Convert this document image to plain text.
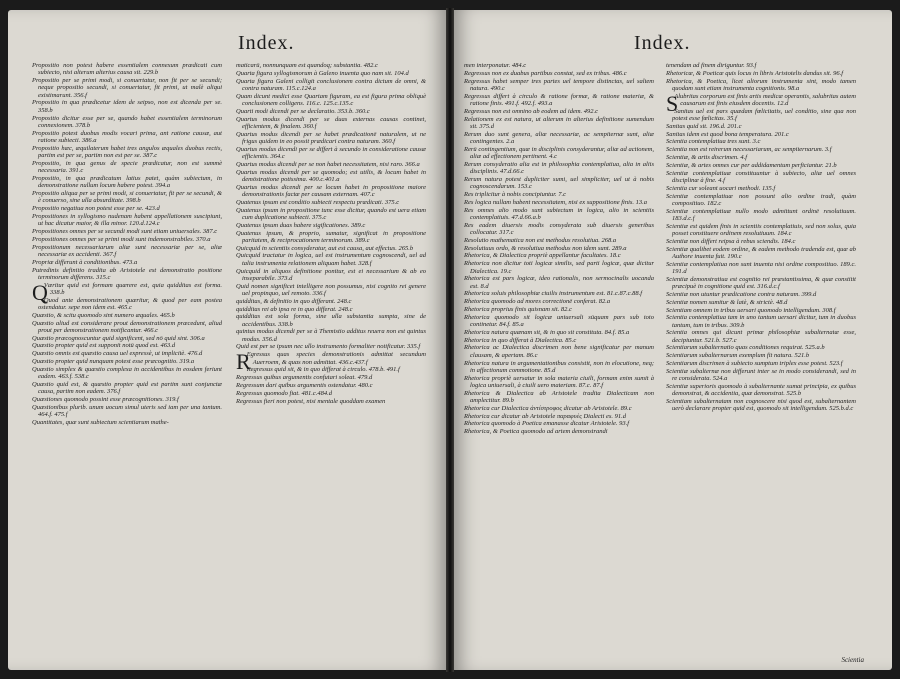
Index.

Propositio non potest habere essentialem connexum prædicati cum subiecto, nisi alterum alterius causa sit. 229.b

Propositio per se primi modi, si conuertatur, non fit per se secundi; neque propositio secundi, si conuertatur, fit primi, ut malè aliqui existimarunt. 356.f

Propositio in qua prædicetur idem de seipso, non est dicenda per se. 358.b

Propositio dicitur esse per se, quando habet essentialem terminorum connexionem. 378.b

Propositio potest duobus modis vocari prima, ant ratione causæ, aut ratione subiecti. 386.a

Propositio hæc, æquilaterum habet tres angulos æquales duobus rectis, partim est per se, partim non est per se. 387.c

Propositio, in qua genus de specie prædicatur, non est summè necessaria. 391.c

Propositio, in qua prædicatum latius patet, quàm subiectum, in demonstratione nullum locum habere potest. 394.a

Propositio aliqua per se primi modi, si conuertatur, fit per se secundi, & è conuerso, sine ulla absurditate. 398.b

Propositio negatiua non potest esse per se. 423.d

Propositiones in syllogismo nudenam habent appellationem suscipiunt, ut hac dicatur maior, & illa minor. 120.d.124.c

Propositiones omnes per se secundi modi sunt etiam uniuersales. 387.c

Propositiones omnes per se primi modi sunt indemonstrabiles. 370.a

Propositionum necessariarum aliæ sunt necessariæ per se, aliæ necessariæ ex accidenti. 367.f

Propriæ differunt à conditionibus. 473.a

Putredinis definitio tradita ab Aristotele est demonstratio positione terminorum differens. 315.c

Q
Væritur quid est formam quærere est, quia quidditas est forma. 338.b

Quod ante demonstrationem quæritur, & quod per eam postea ostendatur. sepe non idem est. 465.c

Quæstio, & scitu quomodo sint numero æquales. 465.b

Quæstio aliud est considerare prout demonstrationem præcedunt, aliud prout per demonstrationem notificantur. 466.c

Quæstio præcognoscuntur quid significent, sed nō quid sint. 306.a

Quæstio propter quid est supponit notū quod est. 463.d

Quæstio omnis est quæstio causa uel expressè, ut implicitè. 476.d

Quæstio propter quid nunquam potest esse præcognitio. 319.a

Quæstio simplex & quæstio complexa in accidentibus in eosdem feriunt eadem. 463.f. 538.c

Quæstio quid est, & quæstio propter quid est partim sunt conjunctæ causa, partim non eadem. 376.f

Quæstiones quomodo possint esse præcognitiones. 319.f

Quæstionibus plurib. unum uocum simul uteris sed iam per una tantum. 464.f. 475.f

Quantitates, quæ sunt subiectum scientiarum mathe-

maticarū, nonnunquam est quandoq; substantia. 482.c

Quarta figura syllogismorum à Galeno inuenta quo nam sit. 104.d

Quarta figura Galeni colligit conclusionem contra dictum de omni, & contra naturam. 115.c.124.a

Quam dicunt medici esse Quartam figuram, ea est figura prima obliquè conclusionem colligens. 116.c. 125.c.135.c

Quarti modi dicendi per se declaratio. 353.b. 360.c

Quartus modus dicendi per se duas externas causas continet, efficientem, & finalem. 360.f

Quartus modus dicendi per se habet prædicationē naturalem, ut ne frigus quidem in eo possit prædicari contra naturam. 360.f

Quartus modus dicendi per se differt à secundo in consideratione causæ efficientis. 364.c

Quartus modus dicendi per se non habet necessitatem, nisi raro. 366.a

Quartus modus dicendi per se quomodo; est utilis, & locum habet in demōstratione potissima. 400.c.401.a

Quartus modus dicendi per se locum habet in propositione maiore demonstrationis factæ per causam externam. 407.c

Quatenus ipsum est conditio subiecti respectu prædicati. 375.c

Quatenus ipsum in propositione tunc esse dicitur, quando est uera etiam cum duplicatione subiecti. 375.c

Quatenus ipsum duas habere sigificationes. 389.c

Quatenus ipsum, & proprio, sumatur, significat in propositione paritatem, & reciprocationem terminorum. 389.c

Quicquid in scientiis consyderatur, aut est causa, aut effectus. 265.b

Quicquid tractatur in logica, uel est instrumentum cognoscendi, uel ad talia instrumenta relationem aliquam habet. 328.f

Quicquid in aliquos definitione ponitur, est ei necessarium & ab eo inseparabile. 373.d

Quid nomen significet intelligere non possumus, nisi cognito rei genere uel propinquo, uel remoto. 336.f

quidditas, & definitio in quo differant. 248.c

quidditas rei ab ipsa re in quo differat. 248.c

quidditas est sola forma, sine ulla substantia sumpta, sine de accidentibus. 338.b

quintus modus dicendi per se à Themistio additus reuera non est quintus modus. 356.d

Quid est per se ipsum nec ullo instrumento formaliter notificatur. 335.f

R
Egressus quas species demonstrationis admittat secundum Auerroem, & quas non admittat. 436.c.437.f

Regressus quid sit, & in quo differat à circulo. 478.b. 491.f

Regressus quibus argumentis confutari soleat. 479.d

Regressum dari quibus argumentis ostendatur. 480.c

Regressus quomodo fiat. 481.c.484.d

Regressus fieri non potest, nisi mentale quoddam examen

Index.

men interponatur. 484.c

Regressus non ex duabus partibus constat, sed ex tribus. 486.c

Regressus habet semper tres partes uel tempore distinctas, uel saltem natura. 490.c

Regressus differt à circulo & ratione formæ, & ratione materiæ, & ratione finis. 491.f. 492.f. 493.a

Regressus non est omnino ab eodem ad idem. 492.c

Relationem ex est natura, ut alterum in alterius definitione sumendum sit. 375.d

Rerum duo sunt genera, aliæ necessariæ, ac sempiternæ sunt, aliæ contingentes. 2.a

Rerū contingentium, quæ in disciplinis consyderantur, aliæ ad actionem, aliæ ad effectionem pertinent. 4.c

Rerum consyderatio alia est in philosophia contemplatiua, alia in aliis disciplinis. 47.d.66.c

Rerum natura potest dupliciter sumi, uel simpliciter, uel ut à nobis cognoscendarum. 153.c

Res triplicitur à nobis concipiuntur. 7.c

Res logica nullam habent necessitatem, nisi ex suppositione finis. 13.a

Res omnes alio modo sunt subiectum in logica, alio in scientiis contemplatiuis. 47.d.66.a.b

Res eadem diuersis modis consyderata sub diuersis generibus collocatur. 317.c

Resolutio mathematica non est methodus resolutiua. 268.a

Resolutiuus ordo, & resolutiua methodus non idem sunt. 289.a

Rhetorica, & Dialectica propriè appellantur facultates. 18.c

Rhetorica non dicitur toti logicæ similis, sed parti logicæ, quæ dicitur Dialectica. 19.c

Rhetorica est pars logicæ, ideo rationalis, non sermocinalis uocanda est. 8.d

Rhetorica soluis philosophiæ ciuilis instrumentum est. 81.c.87.c.88.f

Rhetorica quomodo ad mores correctionē conferat. 82.a

Rhetorica proprius finis quisnam sit. 82.c

Rhetorica quomodo sit logicæ uniuersali sūquam pars sub toto continetur. 84.f. 85.a

Rhetorica natura quænam sit, & in quo sit constituta. 84.f. 85.a

Rhetorica in quo differat à Dialectica. 85.c

Rhetorica ac Dialectica discrimen non bene significatur per manum clausam, & apertam. 86.c

Rhetorica natura in argumentationibus consistit, non in elocutione, neq; in affectionum commotione. 85.d

Rhetorica propriè uersatur in sola materia ciuili, formam enim sumit à logica uniuersali, à ciuili uero materiam. 87.c. 87.f

Rhetorica & Dialectica ab Aristotele tradita Dialecticam non amplectitur. 89.b

Rhetorica cur Dialectica ἀντίστροφος dicatur ab Aristotele. 89.c

Rhetorica cur dicatur ab Aristotele παραφυὲς Dialecti es. 91.d

Rhetorica quomodo à Poetica emanasse dicatur Aristotele. 93.f

Rhetorica, & Poetica quomodo ad artem demonstrandi

tenendam ad finem diriguntur. 93.f

Rhetoricæ, & Poeticæ quis locus in libris Aristotelis dandus sit. 96.f

Rhetorica, & Poetica, licet aliorum instrumenta sint, modo tamen quodam sunt etiam instrumenta cognitionis. 98.a

S
Alubritas corporum est finis artis medicæ operantis, salubritas autem causarum est finis eiusdem docentis. 12.d

Sanitas uel est pars quædam fœlicitatis, uel conditio, sine qua non potest esse fœlicitas. 35.f

Sanitas quid sit. 196.d. 201.c

Sanitas idem est quod bona temperatura. 201.c

Scientia contemplatiua tres sunt. 3.c

Scientia non est reirerum necessariarum, ac sempiternarum. 3.f

Scientiæ, & artis discrimen. 4.f

Scientiæ, & artes omnes cur per addidamentum perficiantur. 21.b

Scientiæ contemplatiuæ constituuntur à subiecto, aliæ uel omnes disciplinæ à fine. 4.f

Scientia cur soleant uocari methodi. 135.f

Scientiæ contemplatiuæ non possunt alio ordine tradi, quàm compositiuo. 182.c

Scientiæ contemplatiuæ nullo modo admittunt ordinē resolutiuum. 183.d.c.f

Scientiæ est quidem finis in scientiis contemplatiuis, sed non solus, quia posset constituere ordinem resolutiuum. 184.c

Scientiæ non differt reipsa à rebus sciendis. 184.c

Scientiæ qualibet eodem ordine, & eadem methodo tradenda est, quæ ab Authore inuenta fuit. 190.c

Scientiæ contemplatiua non sunt inuenta nisi ordine compositiuo. 189.c. 191.d

Scientiæ demonstratiua est cognitio rei præstantissima, & quæ constitit præcipuè in cognitione quid est. 316.d.c.f

Scientiæ non utuntur prædicatione contra naturam. 399.d

Scientiæ nomen sumitur & latè, & strictè. 48.d

Scientiam omnem in tribus uersari quomodo intelligendum. 308.f

Scientia contemplatiua tam in uno tantum uersari dicitur, tum in duobus tantum, tum in tribus. 309.b

Scientia omnes qui dicunt primæ philosophiæ subalternatæ esse, decipiuntur. 521.b. 527.c

Scientiarum subalternatio quas conditiones requirat. 525.a.b

Scientiarum subalternarum exemplum fit natura. 521.b

Scientiarum discrimen à subiecto sumptum triplex esse potest. 523.f

Scientiæ subalternæ non differunt inter se in modo considerandi, sed in re considerata. 524.a

Scientiæ superioris quomodo à subalternante sumat principia, ex quibus demonstrat, & accidentia, quæ demonstrat. 525.b

Scientiam subalternatam non cognoscere nisi quod est, subalternantem uerò declarare propter quid est, quomodo sit intelligendum. 525.b.d.c

Scientia
